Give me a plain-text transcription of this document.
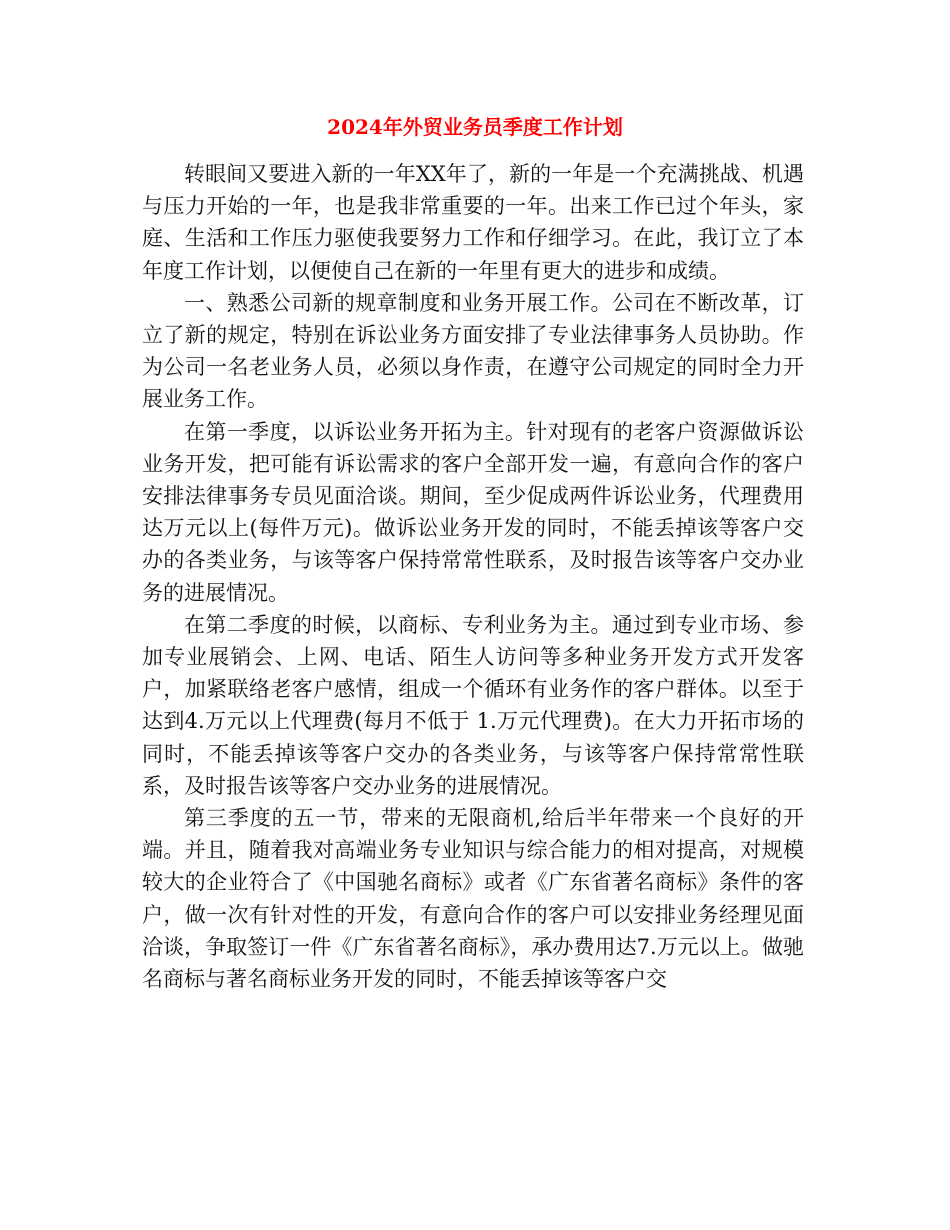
2024年外贸业务员季度工作计划

转眼间又要进入新的一年XX年了，新的一年是一个充满挑战、机遇与压力开始的一年，也是我非常重要的一年。出来工作已过个年头，家庭、生活和工作压力驱使我要努力工作和仔细学习。在此，我订立了本年度工作计划，以便使自己在新的一年里有更大的进步和成绩。

一、熟悉公司新的规章制度和业务开展工作。公司在不断改革，订立了新的规定，特别在诉讼业务方面安排了专业法律事务人员协助。作为公司一名老业务人员，必须以身作责，在遵守公司规定的同时全力开展业务工作。

在第一季度，以诉讼业务开拓为主。针对现有的老客户资源做诉讼业务开发，把可能有诉讼需求的客户全部开发一遍，有意向合作的客户安排法律事务专员见面洽谈。期间，至少促成两件诉讼业务，代理费用达万元以上(每件万元)。做诉讼业务开发的同时，不能丢掉该等客户交办的各类业务，与该等客户保持常常性联系，及时报告该等客户交办业务的进展情况。

在第二季度的时候，以商标、专利业务为主。通过到专业市场、参加专业展销会、上网、电话、陌生人访问等多种业务开发方式开发客户，加紧联络老客户感情，组成一个循环有业务作的客户群体。以至于达到4.万元以上代理费(每月不低于 1.万元代理费)。在大力开拓市场的同时，不能丢掉该等客户交办的各类业务，与该等客户保持常常性联系，及时报告该等客户交办业务的进展情况。

第三季度的五一节，带来的无限商机,给后半年带来一个良好的开端。并且，随着我对高端业务专业知识与综合能力的相对提高，对规模较大的企业符合了《中国驰名商标》或者《广东省著名商标》条件的客户，做一次有针对性的开发，有意向合作的客户可以安排业务经理见面洽谈，争取签订一件《广东省著名商标》，承办费用达7.万元以上。做驰名商标与著名商标业务开发的同时，不能丢掉该等客户交
